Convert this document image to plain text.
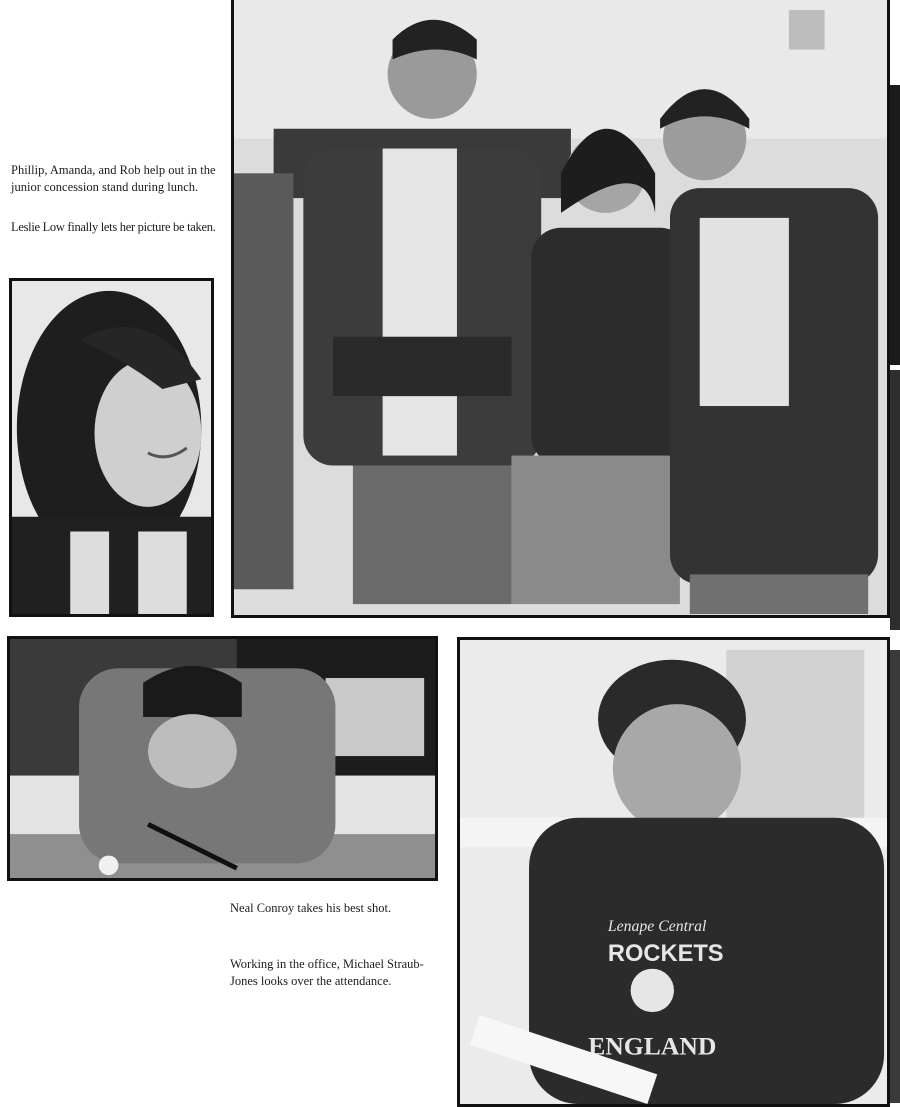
Phillip, Amanda, and Rob help out in the junior concession stand during lunch.
Leslie Low finally lets her picture be taken.
Neal Conroy takes his best shot.
Working in the office, Michael Straub-Jones looks over the attendance.
Lenape Central
ROCKETS
ENGLAND
